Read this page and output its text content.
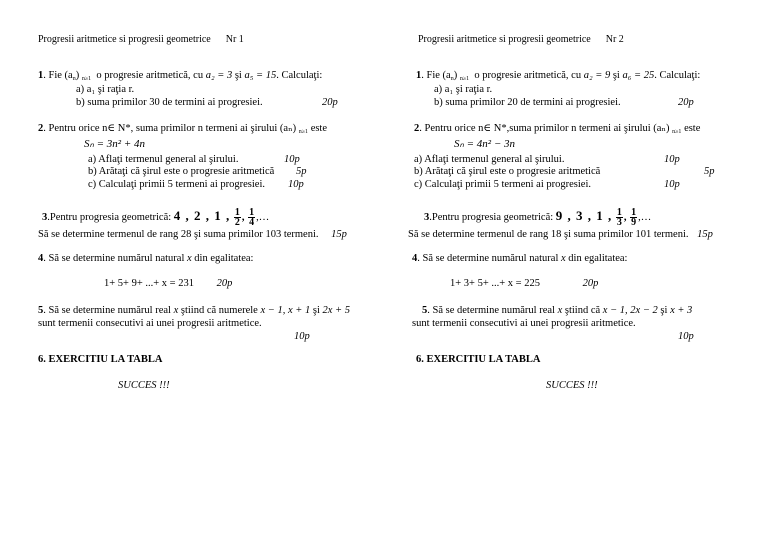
Progresii aritmetice si progresii geometrice Nr 1
1. Fie $(a_n)$ $_{n\ge 1}$ o progresie aritmetică, cu a₂ = 3 şi a₅ = 15. Calculaţi:
a) a₁ şi raţia r.
b) suma primilor 30 de termini ai progresiei.	20p
2. Pentru orice n∈ N*, suma primilor n termeni ai şirului (aₙ) $_{n\ge 1}$ este
Sₙ = 3n² + 4n
a) Aflaţi termenul general al şirului.	10p
b) Arătaţi că şirul este o progresie aritmetică 5p
c) Calculaţi primii 5 termeni ai progresiei. 10p
3.Pentru progresia geometrică: 4 , 2 , 1 , $\frac{1}{2}$ , $\frac{1}{4}$ ,…
Să se determine termenul de rang 28 şi suma primilor 103 termeni. 15p
4. Să se determine numărul natural x din egalitatea:
1+ 5+ 9+ ...+ x = 231 20p
5. Să se determine numărul real x ştiind că numerele x − 1, x + 1 şi 2x + 5
sunt termenii consecutivi ai unei progresii aritmetice.
10p
6. EXERCITIU LA TABLA
SUCCES !!!
Progresii aritmetice si progresii geometrice Nr 2
1. Fie $(a_n)$ $_{n\ge 1}$ o progresie aritmetică, cu a₂ = 9 şi a₆ = 25. Calculaţi:
a) a₁ şi raţia r.
b) suma primilor 20 de termini ai progresiei.	20p
2. Pentru orice n∈ N*,suma primilor n termeni ai şirului (aₙ) $_{n\ge 1}$ este
Sₙ = 4n² − 3n
a) Aflaţi termenul general al şirului.	10p
b) Arătaţi că şirul este o progresie aritmetică	5p
c) Calculaţi primii 5 termeni ai progresiei.	10p
3.Pentru progresia geometrică: 9 , 3 , 1 , $\frac{1}{3}$ , $\frac{1}{9}$ ,…
Să se determine termenul de rang 18 şi suma primilor 101 termeni. 15p
4. Să se determine numărul natural x din egalitatea:
1+ 3+ 5+ ...+ x = 225	20p
5. Să se determine numărul real x ştiind că x − 1, 2x − 2 şi x + 3
sunt termenii consecutivi ai unei progresii aritmetice.
10p
6. EXERCITIU LA TABLA
SUCCES !!!
